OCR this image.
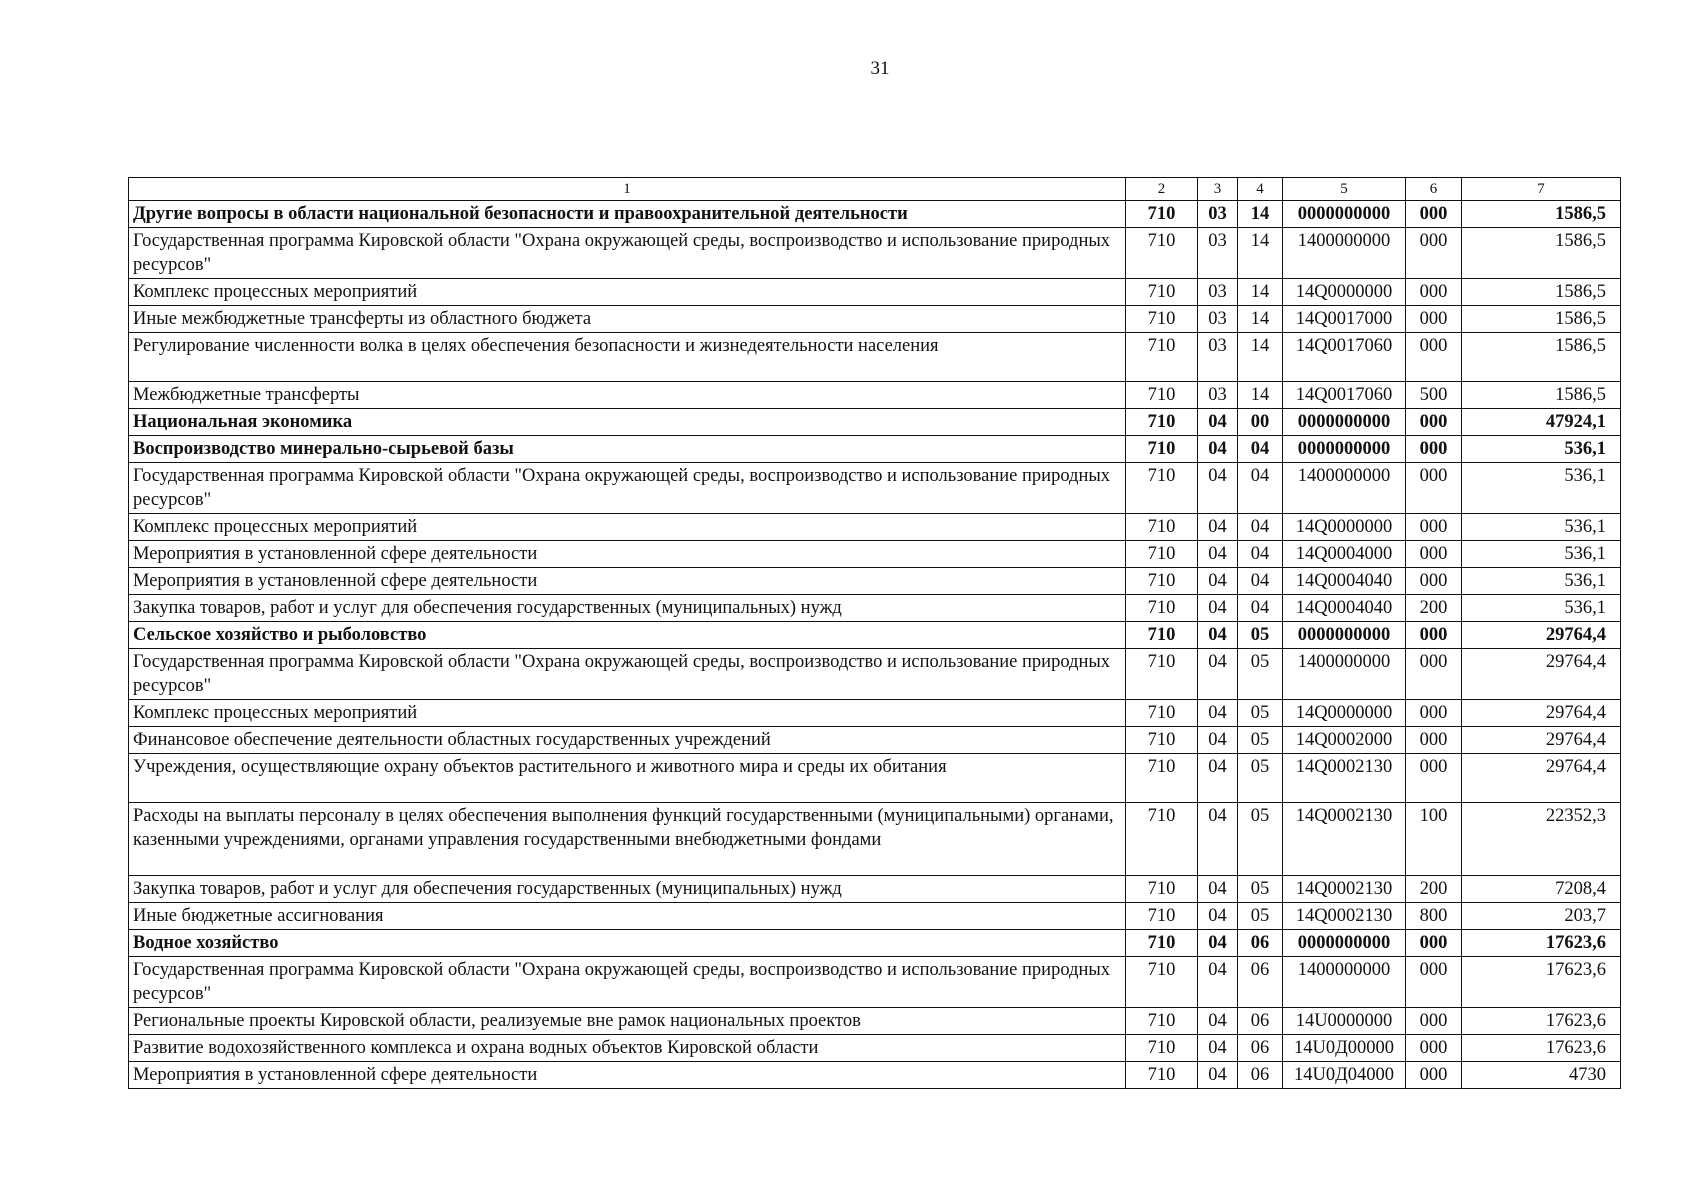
31
1	2	3	4	5	6	7
Другие вопросы в области национальной безопасности и правоохранительной деятельности	710	03	14	0000000000	000	1586,5
Государственная программа Кировской области "Охрана окружающей среды, воспроизводство и использование природных ресурсов"	710	03	14	1400000000	000	1586,5
Комплекс процессных мероприятий	710	03	14	14Q0000000	000	1586,5
Иные межбюджетные трансферты из областного бюджета	710	03	14	14Q0017000	000	1586,5
Регулирование численности волка в целях обеспечения безопасности и жизнедеятельности населения	710	03	14	14Q0017060	000	1586,5
Межбюджетные трансферты	710	03	14	14Q0017060	500	1586,5
Национальная экономика	710	04	00	0000000000	000	47924,1
Воспроизводство минерально-сырьевой базы	710	04	04	0000000000	000	536,1
Государственная программа Кировской области "Охрана окружающей среды, воспроизводство и использование природных ресурсов"	710	04	04	1400000000	000	536,1
Комплекс процессных мероприятий	710	04	04	14Q0000000	000	536,1
Мероприятия в установленной сфере деятельности	710	04	04	14Q0004000	000	536,1
Мероприятия в установленной сфере деятельности	710	04	04	14Q0004040	000	536,1
Закупка товаров, работ и услуг для обеспечения государственных (муниципальных) нужд	710	04	04	14Q0004040	200	536,1
Сельское хозяйство и рыболовство	710	04	05	0000000000	000	29764,4
Государственная программа Кировской области "Охрана окружающей среды, воспроизводство и использование природных ресурсов"	710	04	05	1400000000	000	29764,4
Комплекс процессных мероприятий	710	04	05	14Q0000000	000	29764,4
Финансовое обеспечение деятельности областных государственных учреждений	710	04	05	14Q0002000	000	29764,4
Учреждения, осуществляющие охрану объектов растительного и животного мира и среды их обитания	710	04	05	14Q0002130	000	29764,4
Расходы на выплаты персоналу в целях обеспечения выполнения функций государственными (муниципальными) органами, казенными учреждениями, органами управления государственными внебюджетными фондами	710	04	05	14Q0002130	100	22352,3
Закупка товаров, работ и услуг для обеспечения государственных (муниципальных) нужд	710	04	05	14Q0002130	200	7208,4
Иные бюджетные ассигнования	710	04	05	14Q0002130	800	203,7
Водное хозяйство	710	04	06	0000000000	000	17623,6
Государственная программа Кировской области "Охрана окружающей среды, воспроизводство и использование природных ресурсов"	710	04	06	1400000000	000	17623,6
Региональные проекты Кировской области, реализуемые вне рамок национальных проектов	710	04	06	14U0000000	000	17623,6
Развитие водохозяйственного комплекса и охрана водных объектов Кировской области	710	04	06	14U0Д00000	000	17623,6
Мероприятия в установленной сфере деятельности	710	04	06	14U0Д04000	000	4730
